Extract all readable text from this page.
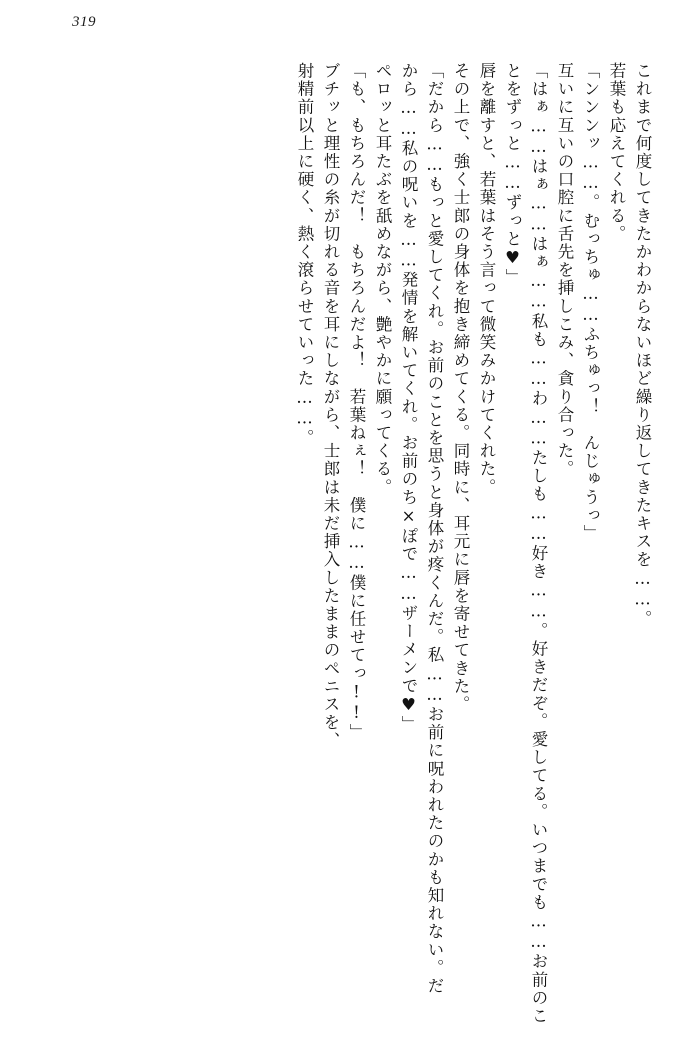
319
これまで何度してきたかわからないほど繰り返してきたキスを……。
若葉も応えてくれる。
「ンンンッ……。むっちゅ……ふちゅっ！　んじゅうっ」
互いに互いの口腔に舌先を挿しこみ、貪り合った。
「はぁ……はぁ……はぁ……私も……わ……たしも……好き……。好きだぞ。愛してる。いつまでも……お前のこ
とをずっと……ずっと♥」
唇を離すと、若葉はそう言って微笑みかけてくれた。
その上で、強く士郎の身体を抱き締めてくる。同時に、耳元に唇を寄せてきた。
「だから……もっと愛してくれ。お前のことを思うと身体が疼くんだ。私……お前に呪われたのかも知れない。だ
から……私の呪いを……発情を解いてくれ。お前のち×ぽで……ザーメンで♥」
ペロッと耳たぶを舐めながら、艶やかに願ってくる。
「も、もちろんだ！　もちろんだよ！　若葉ねぇ！　僕に……僕に任せてっ!!」
ブチッと理性の糸が切れる音を耳にしながら、士郎は未だ挿入したままのペニスを、
射精前以上に硬く、熱く滾らせていった……。
